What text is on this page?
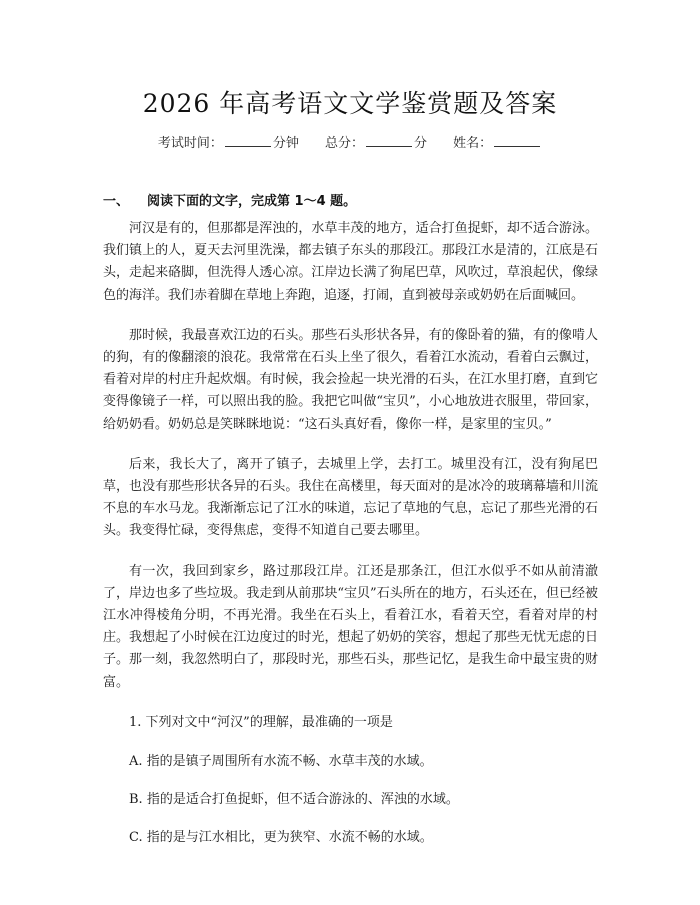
2026 年高考语文文学鉴赏题及答案
考试时间：	分钟 总分：	分 姓名：
一、 阅读下面的文字，完成第 1～4 题。

河汉是有的，但那都是浑浊的，水草丰茂的地方，适合打鱼捉虾，却不适合游泳。我们镇上的人，夏天去河里洗澡，都去镇子东头的那段江。那段江水是清的，江底是石头，走起来硌脚，但洗得人透心凉。江岸边长满了狗尾巴草，风吹过，草浪起伏，像绿色的海洋。我们赤着脚在草地上奔跑，追逐，打闹，直到被母亲或奶奶在后面喊回。

那时候，我最喜欢江边的石头。那些石头形状各异，有的像卧着的猫，有的像啃人的狗，有的像翻滚的浪花。我常常在石头上坐了很久，看着江水流动，看着白云飘过，看着对岸的村庄升起炊烟。有时候，我会捡起一块光滑的石头，在江水里打磨，直到它变得像镜子一样，可以照出我的脸。我把它叫做“宝贝”，小心地放进衣服里，带回家，给奶奶看。奶奶总是笑眯眯地说：“这石头真好看，像你一样，是家里的宝贝。”

后来，我长大了，离开了镇子，去城里上学，去打工。城里没有江，没有狗尾巴草，也没有那些形状各异的石头。我住在高楼里，每天面对的是冰冷的玻璃幕墙和川流不息的车水马龙。我渐渐忘记了江水的味道，忘记了草地的气息，忘记了那些光滑的石头。我变得忙碌，变得焦虑，变得不知道自己要去哪里。

有一次，我回到家乡，路过那段江岸。江还是那条江，但江水似乎不如从前清澈了，岸边也多了些垃圾。我走到从前那块“宝贝”石头所在的地方，石头还在，但已经被江水冲得棱角分明，不再光滑。我坐在石头上，看着江水，看着天空，看着对岸的村庄。我想起了小时候在江边度过的时光，想起了奶奶的笑容，想起了那些无忧无虑的日子。那一刻，我忽然明白了，那段时光，那些石头，那些记忆，是我生命中最宝贵的财富。

1. 下列对文中“河汉”的理解，最准确的一项是

A. 指的是镇子周围所有水流不畅、水草丰茂的水域。

B. 指的是适合打鱼捉虾，但不适合游泳的、浑浊的水域。

C. 指的是与江水相比，更为狭窄、水流不畅的水域。
